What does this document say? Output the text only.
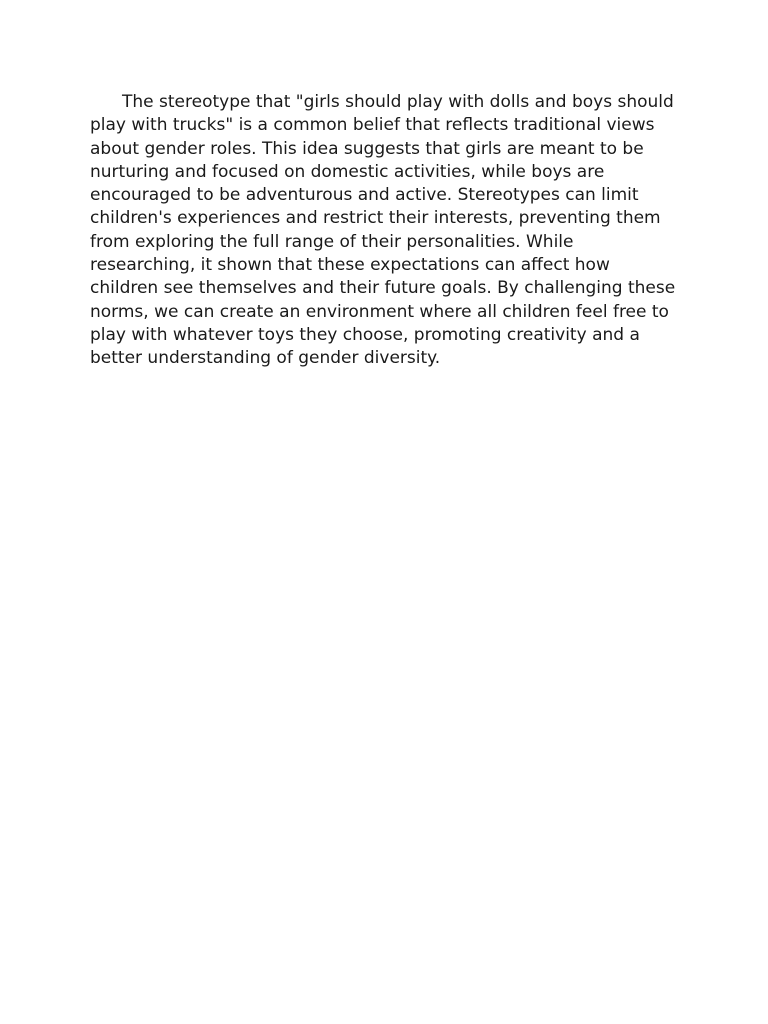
The stereotype that "girls should play with dolls and boys should

play with trucks" is a common belief that reflects traditional views

about gender roles. This idea suggests that girls are meant to be

nurturing and focused on domestic activities, while boys are

encouraged to be adventurous and active. Stereotypes can limit

children's experiences and restrict their interests, preventing them

from exploring the full range of their personalities. While

researching, it shown that these expectations can affect how

children see themselves and their future goals. By challenging these

norms, we can create an environment where all children feel free to

play with whatever toys they choose, promoting creativity and a

better understanding of gender diversity.
